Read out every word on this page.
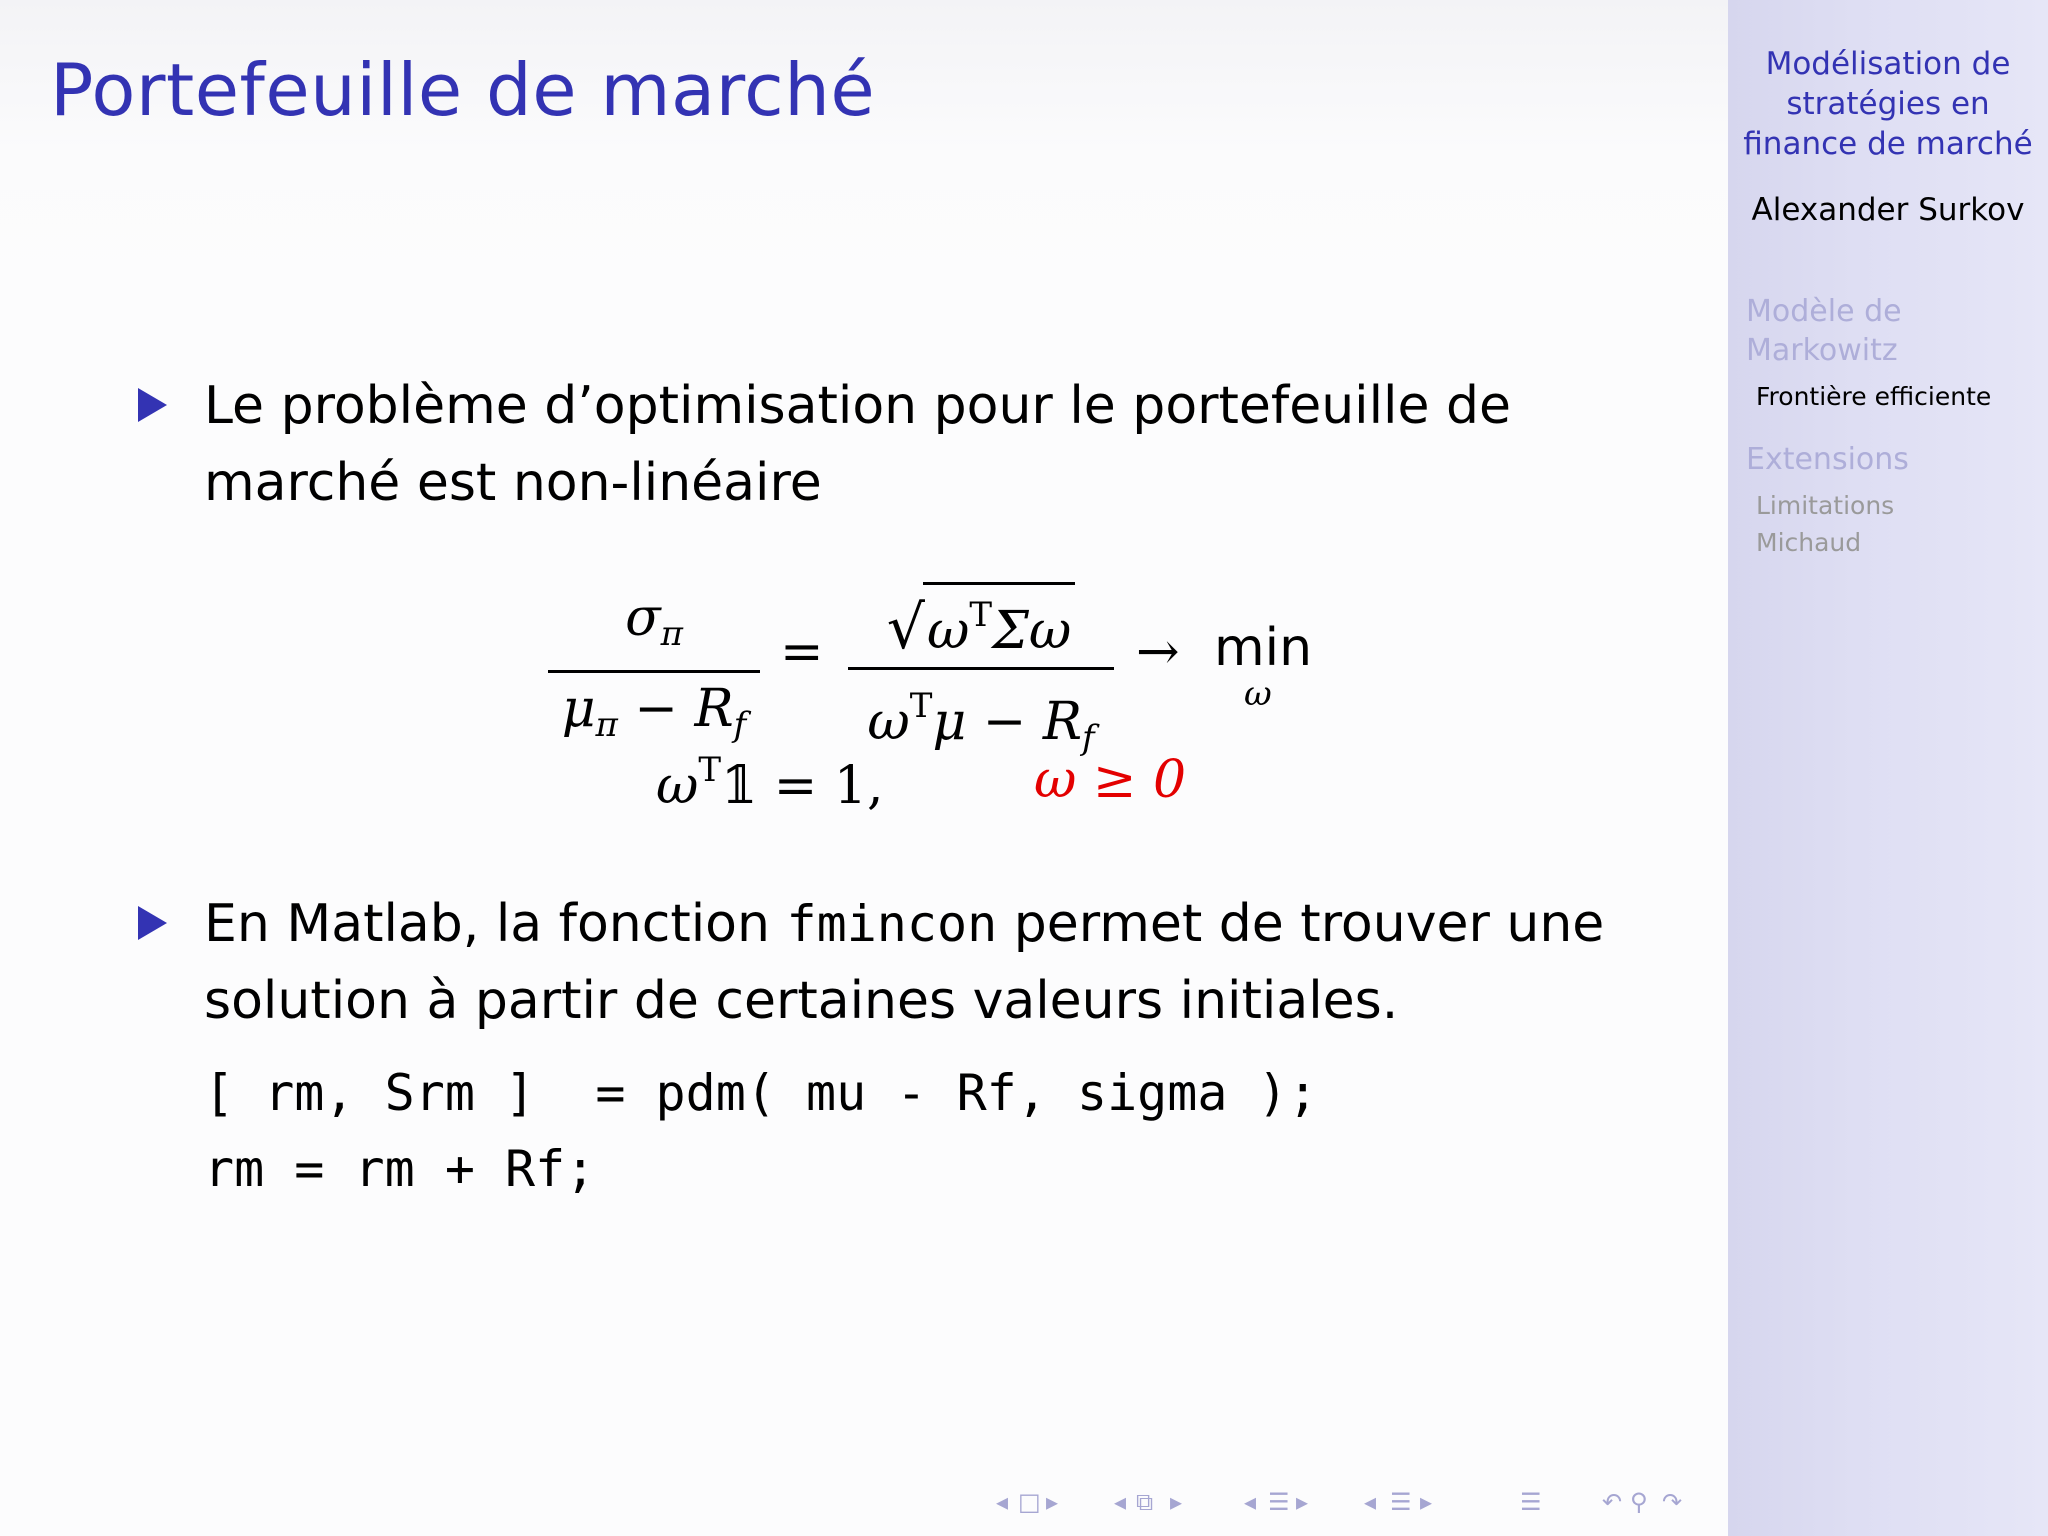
Portefeuille de marché
Le problème d’optimisation pour le portefeuille de
marché est non-linéaire
$\sigma_\pi$
$\mu_\pi - R_f$
=	$√\omega^T\Sigma\omega$
$\omega^T\mu - R_f$
→ min
ω
$\omega^T𝟙 = 1$,	ω ≥ 0
En Matlab, la fonction fmincon permet de trouver une
solution à partir de certaines valeurs initiales.
[ rm, Srm ]  = pdm( mu - Rf, sigma );
rm = rm + Rf;
◂ □ ▸ ◂ ⧉ ▸	◂ ☰ ▸ ◂ ☰ ▸	☰	↶ ⚲ ↷
Modélisation de
stratégies en
finance de marché
Alexander Surkov
Modèle de
Markowitz
Frontière efficiente
Extensions
Limitations
Michaud
